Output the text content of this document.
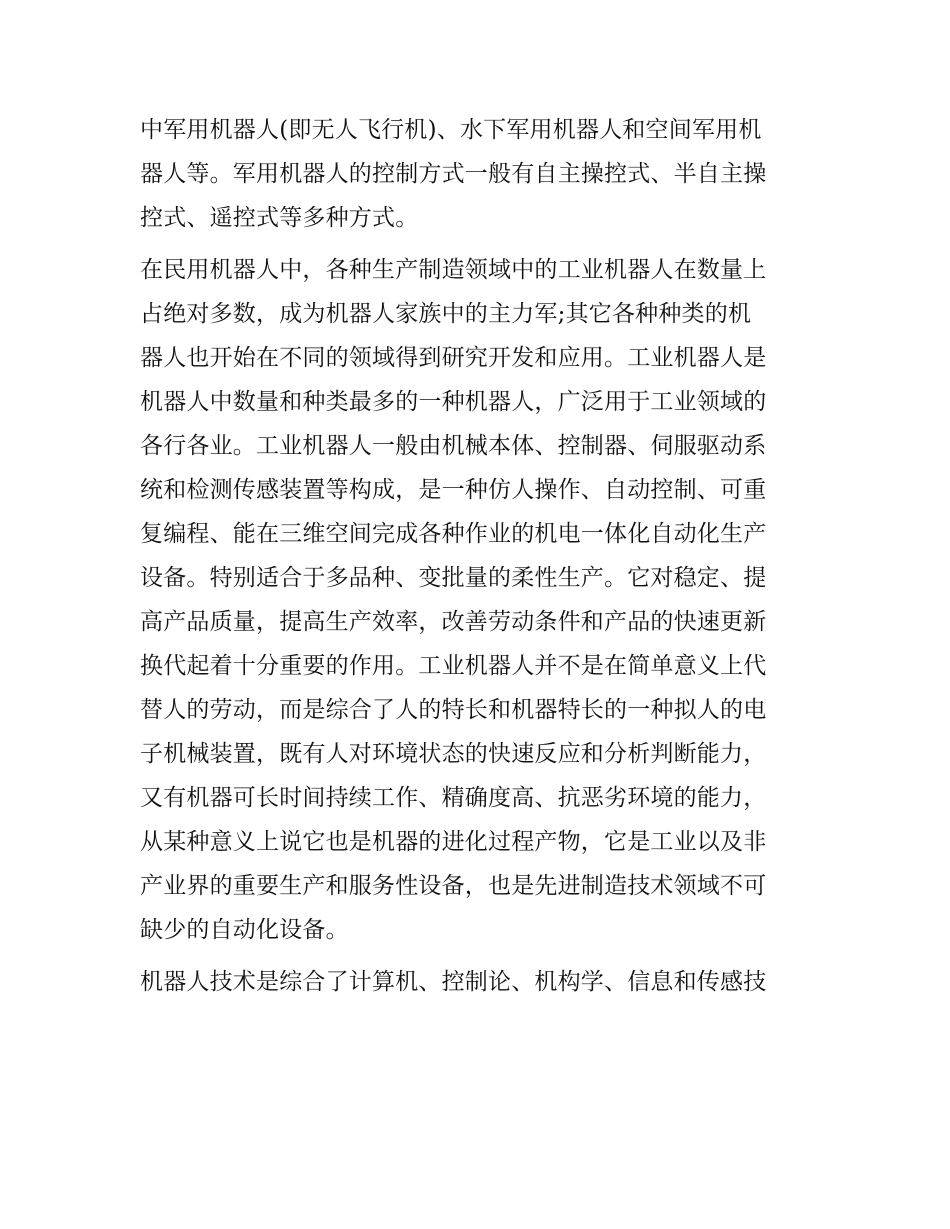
中军用机器人(即无人飞行机)、水下军用机器人和空间军用机
器人等。军用机器人的控制方式一般有自主操控式、半自主操
控式、遥控式等多种方式。
在民用机器人中，各种生产制造领域中的工业机器人在数量上
占绝对多数，成为机器人家族中的主力军;其它各种种类的机
器人也开始在不同的领域得到研究开发和应用。工业机器人是
机器人中数量和种类最多的一种机器人，广泛用于工业领域的
各行各业。工业机器人一般由机械本体、控制器、伺服驱动系
统和检测传感装置等构成，是一种仿人操作、自动控制、可重
复编程、能在三维空间完成各种作业的机电一体化自动化生产
设备。特别适合于多品种、变批量的柔性生产。它对稳定、提
高产品质量，提高生产效率，改善劳动条件和产品的快速更新
换代起着十分重要的作用。工业机器人并不是在简单意义上代
替人的劳动，而是综合了人的特长和机器特长的一种拟人的电
子机械装置，既有人对环境状态的快速反应和分析判断能力，
又有机器可长时间持续工作、精确度高、抗恶劣环境的能力，
从某种意义上说它也是机器的进化过程产物，它是工业以及非
产业界的重要生产和服务性设备，也是先进制造技术领域不可
缺少的自动化设备。
机器人技术是综合了计算机、控制论、机构学、信息和传感技
